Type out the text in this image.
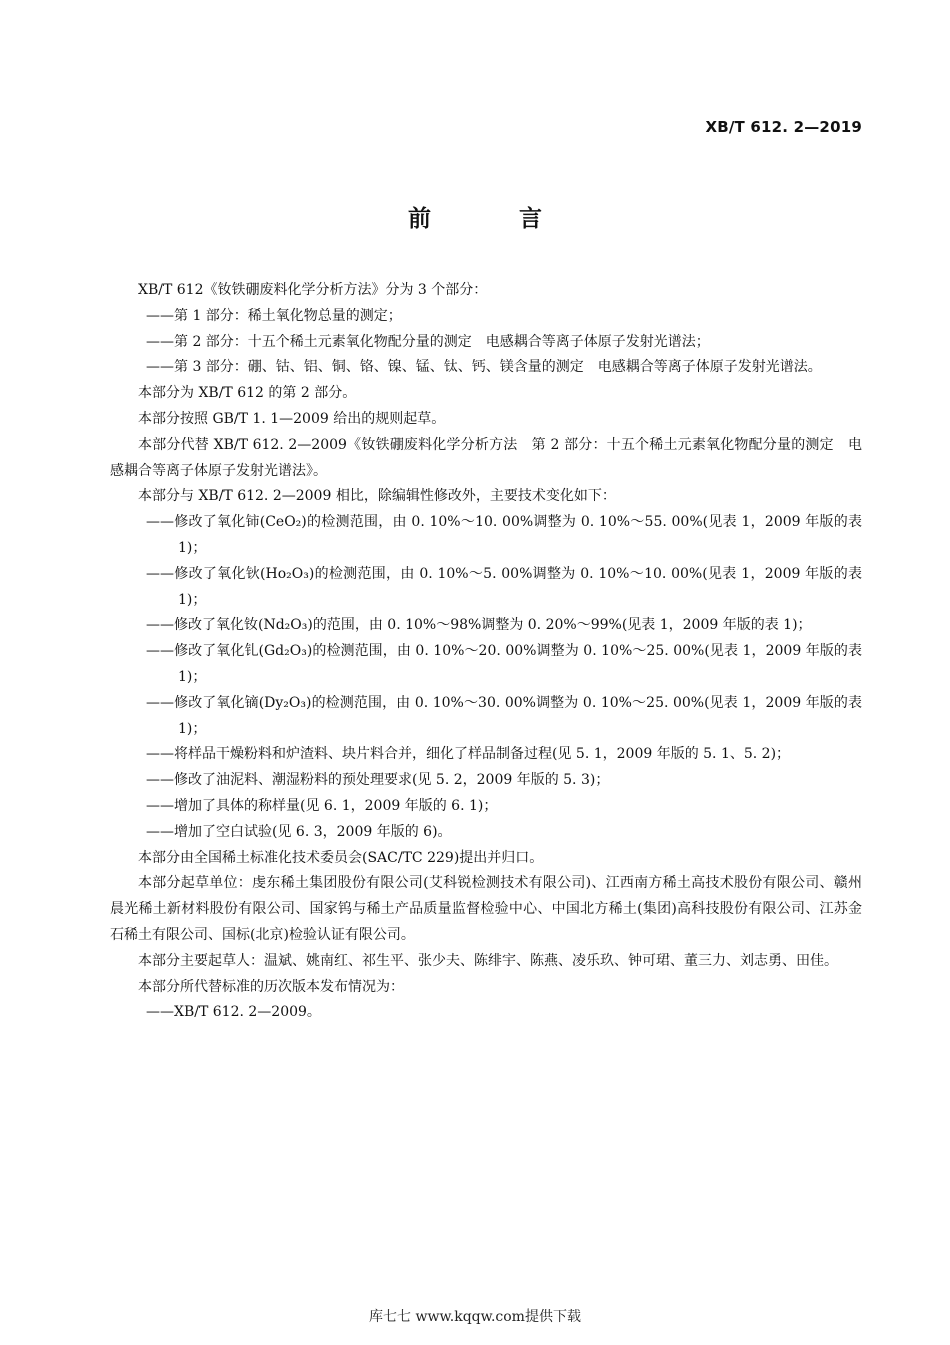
XB/T 612. 2—2019
前 言

XB/T 612《钕铁硼废料化学分析方法》分为 3 个部分：

——第 1 部分：稀土氧化物总量的测定；

——第 2 部分：十五个稀土元素氧化物配分量的测定　电感耦合等离子体原子发射光谱法；

——第 3 部分：硼、钴、铝、铜、铬、镍、锰、钛、钙、镁含量的测定　电感耦合等离子体原子发射光谱法。

本部分为 XB/T 612 的第 2 部分。

本部分按照 GB/T 1. 1—2009 给出的规则起草。

本部分代替 XB/T 612. 2—2009《钕铁硼废料化学分析方法　第 2 部分：十五个稀土元素氧化物配分量的测定　电感耦合等离子体原子发射光谱法》。

本部分与 XB/T 612. 2—2009 相比，除编辑性修改外，主要技术变化如下：

——修改了氧化铈(CeO₂)的检测范围，由 0. 10%～10. 00%调整为 0. 10%～55. 00%(见表 1，2009 年版的表 1)；

——修改了氧化钬(Ho₂O₃)的检测范围，由 0. 10%～5. 00%调整为 0. 10%～10. 00%(见表 1，2009 年版的表 1)；

——修改了氧化钕(Nd₂O₃)的范围，由 0. 10%～98%调整为 0. 20%～99%(见表 1，2009 年版的表 1)；

——修改了氧化钆(Gd₂O₃)的检测范围，由 0. 10%～20. 00%调整为 0. 10%～25. 00%(见表 1，2009 年版的表 1)；

——修改了氧化镝(Dy₂O₃)的检测范围，由 0. 10%～30. 00%调整为 0. 10%～25. 00%(见表 1，2009 年版的表 1)；

——将样品干燥粉料和炉渣料、块片料合并，细化了样品制备过程(见 5. 1，2009 年版的 5. 1、5. 2)；

——修改了油泥料、潮湿粉料的预处理要求(见 5. 2，2009 年版的 5. 3)；

——增加了具体的称样量(见 6. 1，2009 年版的 6. 1)；

——增加了空白试验(见 6. 3，2009 年版的 6)。

本部分由全国稀土标准化技术委员会(SAC/TC 229)提出并归口。

本部分起草单位：虔东稀土集团股份有限公司(艾科锐检测技术有限公司)、江西南方稀土高技术股份有限公司、赣州晨光稀土新材料股份有限公司、国家钨与稀土产品质量监督检验中心、中国北方稀土(集团)高科技股份有限公司、江苏金石稀土有限公司、国标(北京)检验认证有限公司。

本部分主要起草人：温斌、姚南红、祁生平、张少夫、陈绯宇、陈燕、凌乐玖、钟可珺、董三力、刘志勇、田佳。

本部分所代替标准的历次版本发布情况为：

——XB/T 612. 2—2009。

库七七 www.kqqw.com提供下载
